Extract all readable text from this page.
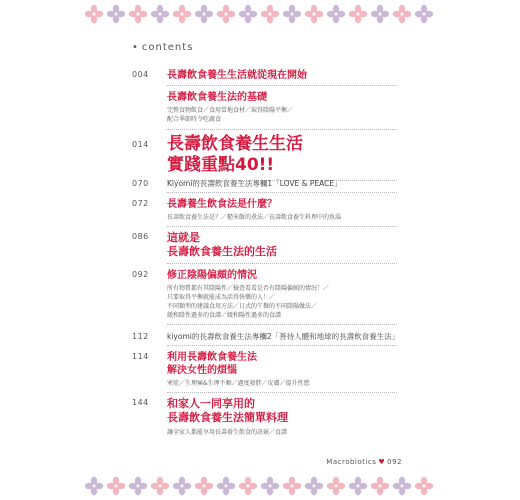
• contents
004 長壽飲食養生生活就從現在開始
長壽飲食養生法的基礎
完整食物飲食／食用當地食材／取得陰陽平衡／
配合季節時令吃蔬食
014 長壽飲食養生生活
實踐重點40!!
070 Kiyomi的長壽飲食養生法專欄1「LOVE & PEACE」
072 長壽養生飲食法是什麼？
長壽飲食養生法是？／糙米飯的煮法／長壽飲食養生料理中的魚湯
086 這就是
長壽飲食養生法的生活
092 修正陰陽偏頗的情況
所有物質都有其陰陽性／檢查看看是否有陰陽偏頗的情況！／
只要取得平衡就能成為活得快樂的人！／
不同類型的建議食用方法／日式的午餐的不同陰陽做法／
緩和陰性過多的食譜／緩和陽性過多的食譜
112 kiyomi的長壽飲食養生法專欄2「善待人體和地球的長壽飲食養生法」
114 利用長壽飲食養生法
解決女性的煩惱
寒症／生理痛&生理不順／過度發胖／皮膚／提升性慾
144 和家人一同享用的
長壽飲食養生法簡單料理
讓全家人都能享用長壽養生飲食的訣竅／食譜
Macrobiotics ♥ 092
